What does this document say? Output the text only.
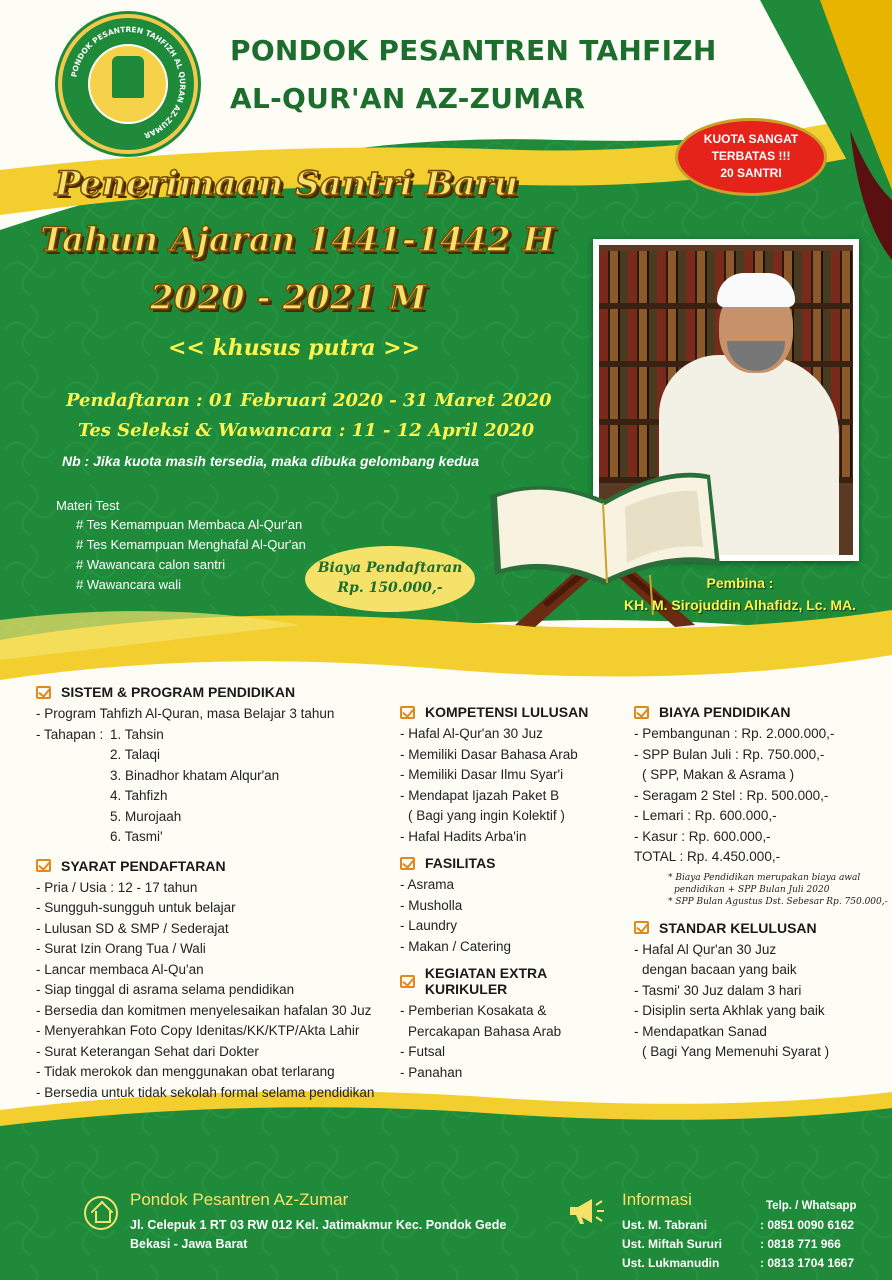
PONDOK PESANTREN TAHFIZH AL QURAN AZ-ZUMAR
PONDOK PESANTREN TAHFIZH
AL-QUR'AN AZ-ZUMAR
KUOTA SANGAT
TERBATAS !!!
20 SANTRI
Penerimaan Santri Baru
Tahun Ajaran 1441-1442 H
2020 - 2021 M
<< khusus putra >>
Pendaftaran : 01 Februari 2020 - 31 Maret 2020
Tes Seleksi & Wawancara : 11 - 12 April 2020
Nb : Jika kuota masih tersedia, maka dibuka gelombang kedua
Materi Test
# Tes Kemampuan Membaca Al-Qur'an
# Tes Kemampuan Menghafal Al-Qur'an
# Wawancara calon santri
# Wawancara wali
Biaya Pendaftaran
Rp. 150.000,-	Pembina :
KH. M. Sirojuddin Alhafidz, Lc. MA.
SISTEM & PROGRAM PENDIDIKAN
- Program Tahfizh Al-Quran, masa Belajar 3 tahun
- Tahapan : 1. Tahsin
2. Talaqi
3. Binadhor khatam Alqur'an
4. Tahfizh
5. Murojaah
6. Tasmi'
SYARAT PENDAFTARAN
- Pria / Usia : 12 - 17 tahun
- Sungguh-sungguh untuk belajar
- Lulusan SD & SMP / Sederajat
- Surat Izin Orang Tua / Wali
- Lancar membaca Al-Qu'an
- Siap tinggal di asrama selama pendidikan
- Bersedia dan komitmen menyelesaikan hafalan 30 Juz
- Menyerahkan Foto Copy Idenitas/KK/KTP/Akta Lahir
- Surat Keterangan Sehat dari Dokter
- Tidak merokok dan menggunakan obat terlarang
- Bersedia untuk tidak sekolah formal selama pendidikan
KOMPETENSI LULUSAN
- Hafal Al-Qur'an 30 Juz
- Memiliki Dasar Bahasa Arab
- Memiliki Dasar Ilmu Syar'i
- Mendapat Ijazah Paket B
( Bagi yang ingin Kolektif )
- Hafal Hadits Arba'in
FASILITAS
- Asrama
- Musholla
- Laundry
- Makan / Catering
KEGIATAN EXTRA KURIKULER
- Pemberian Kosakata &
Percakapan Bahasa Arab
- Futsal
- Panahan
BIAYA PENDIDIKAN
- Pembangunan : Rp. 2.000.000,-
- SPP Bulan Juli : Rp. 750.000,-
( SPP, Makan & Asrama )
- Seragam 2 Stel : Rp. 500.000,-
- Lemari : Rp. 600.000,-
- Kasur : Rp. 600.000,-
TOTAL : Rp. 4.450.000,-
* Biaya Pendidikan merupakan biaya awal
pendidikan + SPP Bulan Juli 2020
* SPP Bulan Agustus Dst. Sebesar Rp. 750.000,-
STANDAR KELULUSAN
- Hafal Al Qur'an 30 Juz
dengan bacaan yang baik
- Tasmi' 30 Juz dalam 3 hari
- Disiplin serta Akhlak yang baik
- Mendapatkan Sanad
( Bagi Yang Memenuhi Syarat )
Pondok Pesantren Az-Zumar
Jl. Celepuk 1 RT 03 RW 012 Kel. Jatimakmur Kec. Pondok Gede
Bekasi - Jawa Barat
Informasi	Telp. / Whatsapp
Ust. M. Tabrani	: 0851 0090 6162
Ust. Miftah Sururi	: 0818 771 966
Ust. Lukmanudin	: 0813 1704 1667
